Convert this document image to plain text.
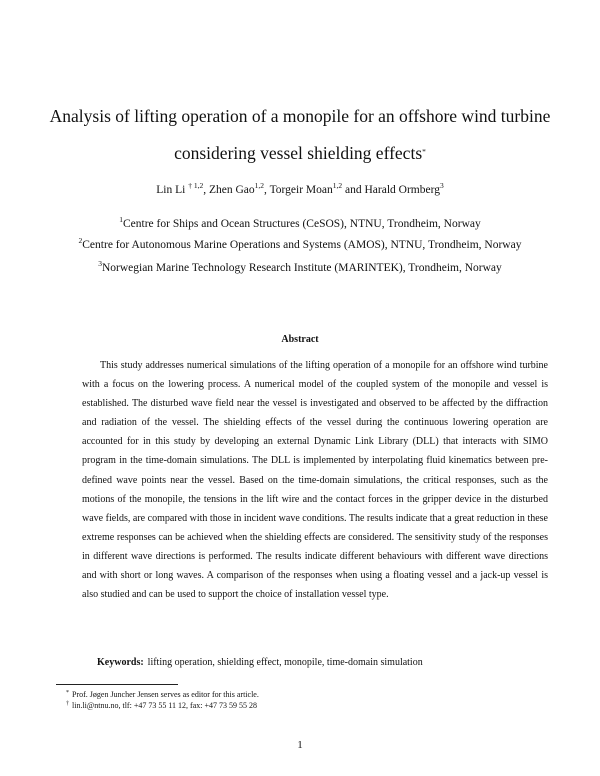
Analysis of lifting operation of a monopile for an offshore wind turbine
considering vessel shielding effects*
Lin Li $^{\dagger 1,2}$, Zhen Gao$^{1,2}$, Torgeir Moan$^{1,2}$ and Harald Ormberg$^3$
$^1$Centre for Ships and Ocean Structures (CeSOS), NTNU, Trondheim, Norway
$^2$Centre for Autonomous Marine Operations and Systems (AMOS), NTNU, Trondheim, Norway
$^3$Norwegian Marine Technology Research Institute (MARINTEK), Trondheim, Norway
Abstract

This study addresses numerical simulations of the lifting operation of a monopile for an offshore wind turbine with a focus on the lowering process. A numerical model of the coupled system of the monopile and vessel is established. The disturbed wave field near the vessel is investigated and observed to be affected by the diffraction and radiation of the vessel. The shielding effects of the vessel during the continuous lowering operation are accounted for in this study by developing an external Dynamic Link Library (DLL) that interacts with SIMO program in the time-domain simulations. The DLL is implemented by interpolating fluid kinematics between pre-defined wave points near the vessel. Based on the time-domain simulations, the critical responses, such as the motions of the monopile, the tensions in the lift wire and the contact forces in the gripper device in the disturbed wave fields, are compared with those in incident wave conditions. The results indicate that a great reduction in these extreme responses can be achieved when the shielding effects are considered. The sensitivity study of the responses in different wave directions is performed. The results indicate different behaviours with different wave directions and with short or long waves. A comparison of the responses when using a floating vessel and a jack-up vessel is also studied and can be used to support the choice of installation vessel type.

Keywords: lifting operation, shielding effect, monopile, time-domain simulation
* Prof. Jøgen Juncher Jensen serves as editor for this article.
† lin.li@ntnu.no, tlf: +47 73 55 11 12, fax: +47 73 59 55 28
1
